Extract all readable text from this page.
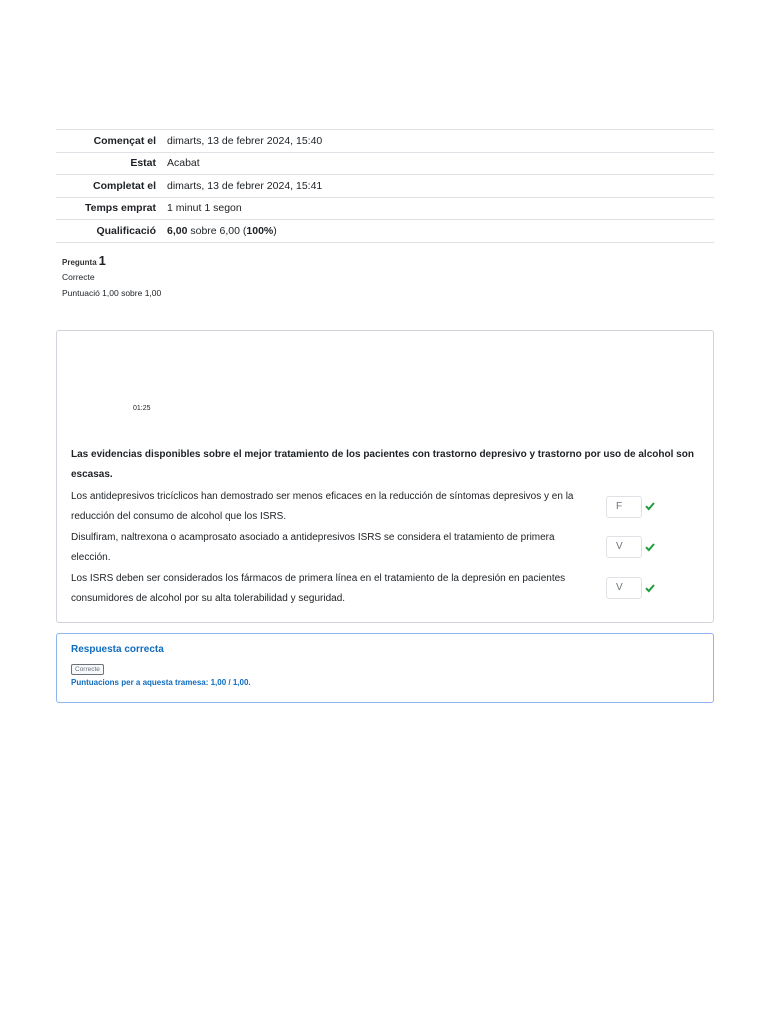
Començat el	dimarts, 13 de febrer 2024, 15:40
Estat	Acabat
Completat el	dimarts, 13 de febrer 2024, 15:41
Temps emprat	1 minut 1 segon
Qualificació	6,00 sobre 6,00 (100%)
Pregunta 1
Correcte
Puntuació 1,00 sobre 1,00
01:25
Las evidencias disponibles sobre el mejor tratamiento de los pacientes con trastorno depresivo y trastorno por uso de alcohol son escasas.
Los antidepresivos tricíclicos han demostrado ser menos eficaces en la reducción de síntomas depresivos y en la reducción del consumo de alcohol que los ISRS.
F
Disulfiram, naltrexona o acamprosato asociado a antidepresivos ISRS se considera el tratamiento de primera elección.
V
Los ISRS deben ser considerados los fármacos de primera línea en el tratamiento de la depresión en pacientes consumidores de alcohol por su alta tolerabilidad y seguridad.
V
Respuesta correcta
Correcte
Puntuacions per a aquesta tramesa: 1,00 / 1,00.
